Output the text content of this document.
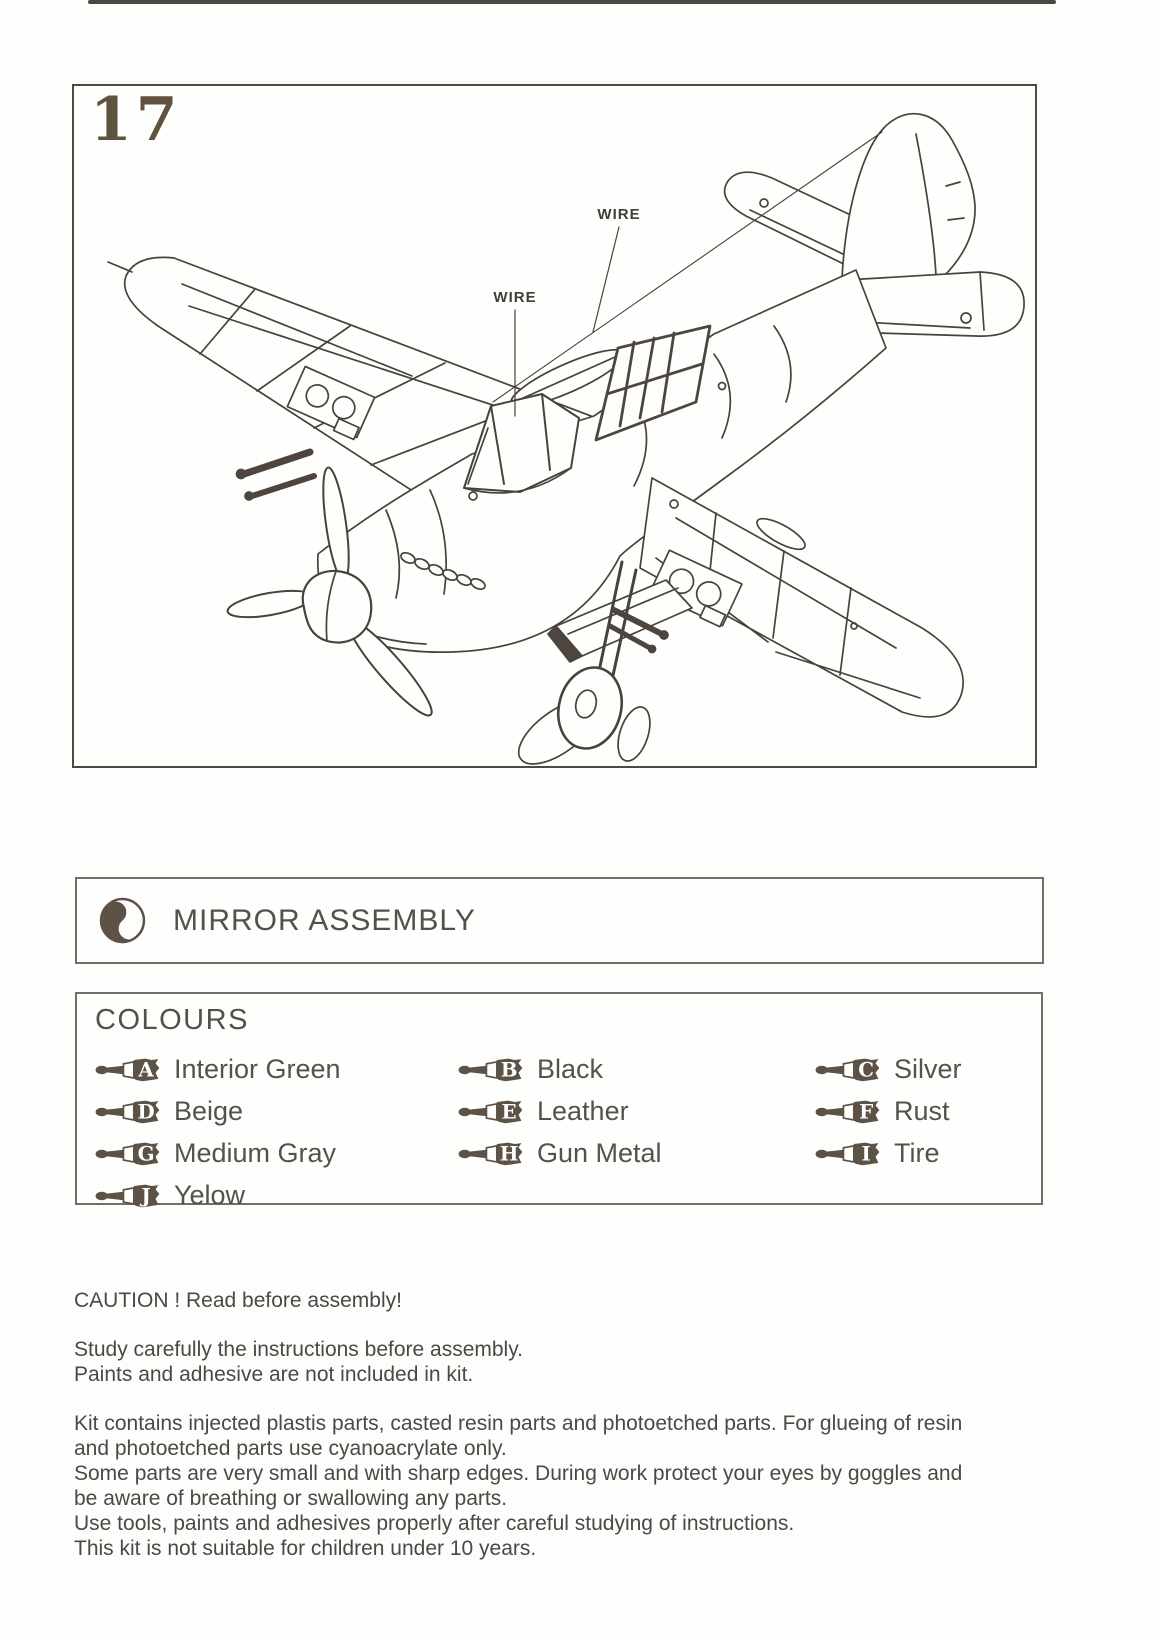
17
WIRE
WIRE
MIRROR ASSEMBLY
COLOURS
A Interior Green	B Black	C Silver
D Beige	E Leather	F Rust
G Medium Gray	H Gun Metal	I Tire
J Yelow
CAUTION ! Read before assembly!
Study carefully the instructions before assembly.
Paints and adhesive are not included in kit.
Kit contains injected plastis parts, casted resin parts and photoetched parts. For glueing of resin
and photoetched parts use cyanoacrylate only.
Some parts are very small and with sharp edges. During work protect your eyes by goggles and
be aware of breathing or swallowing any parts.
Use tools, paints and adhesives properly after careful studying of instructions.
This kit is not suitable for children under 10 years.
